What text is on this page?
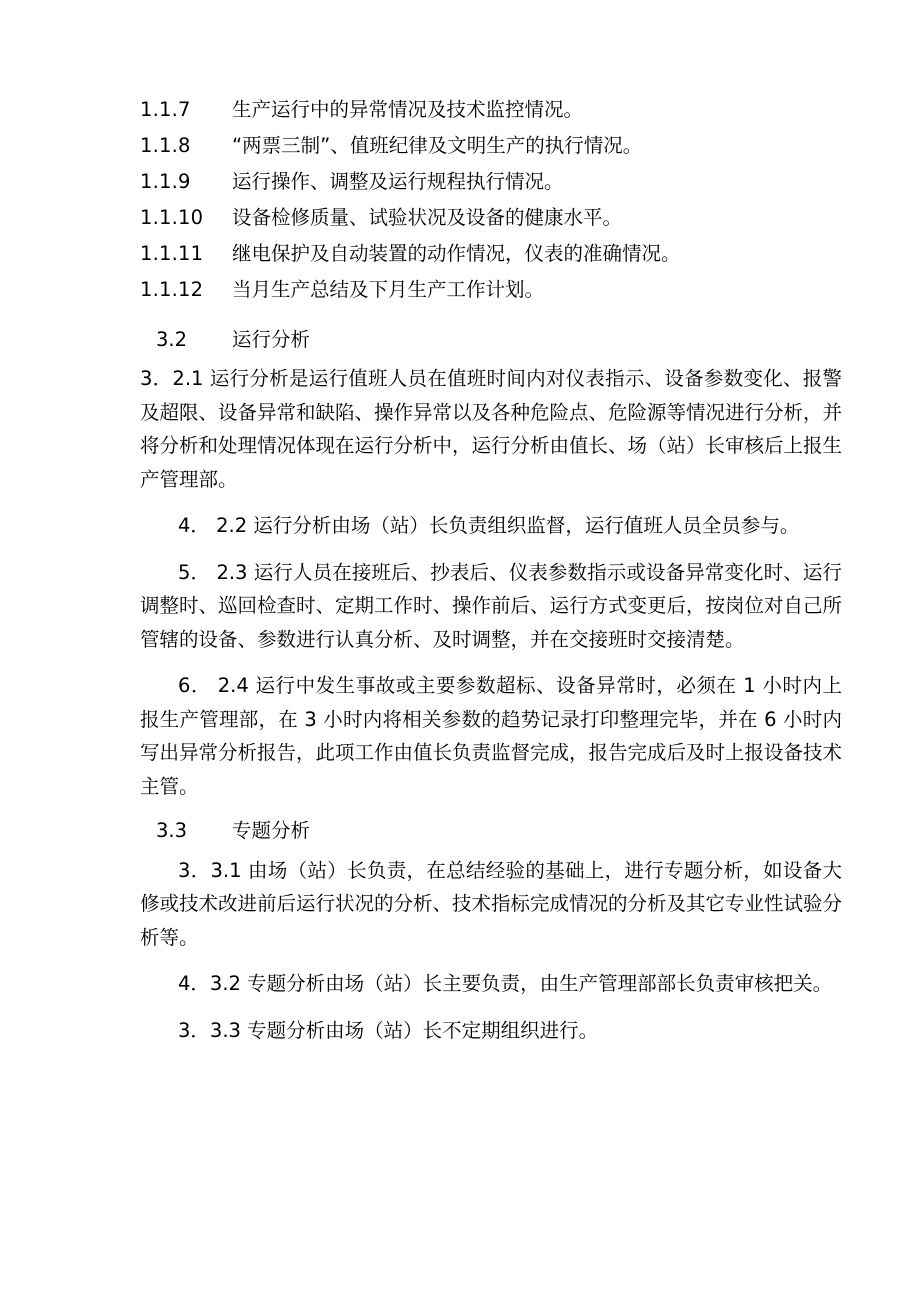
1.1.7	生产运行中的异常情况及技术监控情况。
1.1.8	“两票三制”、值班纪律及文明生产的执行情况。
1.1.9	运行操作、调整及运行规程执行情况。
1.1.10	设备检修质量、试验状况及设备的健康水平。
1.1.11	继电保护及自动装置的动作情况，仪表的准确情况。
1.1.12	当月生产总结及下月生产工作计划。
3.2	运行分析

3．2.1 运行分析是运行值班人员在值班时间内对仪表指示、设备参数变化、报警及超限、设备异常和缺陷、操作异常以及各种危险点、危险源等情况进行分析，并将分析和处理情况体现在运行分析中，运行分析由值长、场（站）长审核后上报生产管理部。

4． 2.2 运行分析由场（站）长负责组织监督，运行值班人员全员参与。

5． 2.3 运行人员在接班后、抄表后、仪表参数指示或设备异常变化时、运行调整时、巡回检查时、定期工作时、操作前后、运行方式变更后，按岗位对自己所管辖的设备、参数进行认真分析、及时调整，并在交接班时交接清楚。

6． 2.4 运行中发生事故或主要参数超标、设备异常时，必须在 1 小时内上报生产管理部，在 3 小时内将相关参数的趋势记录打印整理完毕，并在 6 小时内写出异常分析报告，此项工作由值长负责监督完成，报告完成后及时上报设备技术主管。

3.3	专题分析

3．3.1 由场（站）长负责，在总结经验的基础上，进行专题分析，如设备大修或技术改进前后运行状况的分析、技术指标完成情况的分析及其它专业性试验分析等。

4．3.2 专题分析由场（站）长主要负责，由生产管理部部长负责审核把关。

3．3.3 专题分析由场（站）长不定期组织进行。
